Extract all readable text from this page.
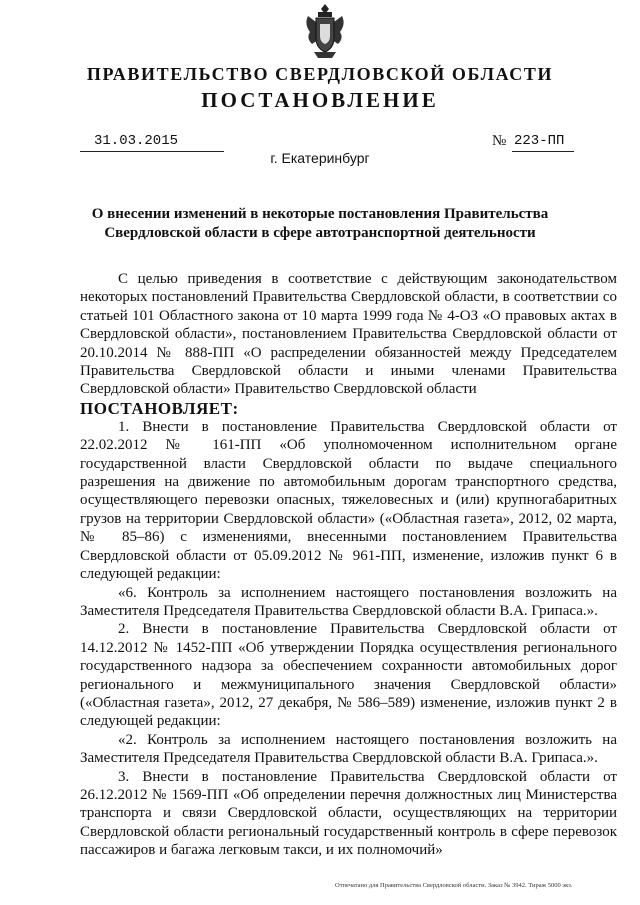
ПРАВИТЕЛЬСТВО СВЕРДЛОВСКОЙ ОБЛАСТИ
ПОСТАНОВЛЕНИЕ
31.03.2015	№ 223-ПП
г. Екатеринбург
О внесении изменений в некоторые постановления Правительства
Свердловской области в сфере автотранспортной деятельности

С целью приведения в соответствие с действующим законодательством некоторых постановлений Правительства Свердловской области, в соответствии со статьей 101 Областного закона от 10 марта 1999 года № 4-ОЗ «О правовых актах в Свердловской области», постановлением Правительства Свердловской области от 20.10.2014 № 888-ПП «О распределении обязанностей между Председателем Правительства Свердловской области и иными членами Правительства Свердловской области» Правительство Свердловской области

ПОСТАНОВЛЯЕТ:

1. Внести в постановление Правительства Свердловской области от 22.02.2012 № 161-ПП «Об уполномоченном исполнительном органе государственной власти Свердловской области по выдаче специального разрешения на движение по автомобильным дорогам транспортного средства, осуществляющего перевозки опасных, тяжеловесных и (или) крупногабаритных грузов на территории Свердловской области» («Областная газета», 2012, 02 марта, № 85–86) с изменениями, внесенными постановлением Правительства Свердловской области от 05.09.2012 № 961-ПП, изменение, изложив пункт 6 в следующей редакции:

«6. Контроль за исполнением настоящего постановления возложить на Заместителя Председателя Правительства Свердловской области В.А. Грипаса.».

2. Внести в постановление Правительства Свердловской области от 14.12.2012 № 1452-ПП «Об утверждении Порядка осуществления регионального государственного надзора за обеспечением сохранности автомобильных дорог регионального и межмуниципального значения Свердловской области» («Областная газета», 2012, 27 декабря, № 586–589) изменение, изложив пункт 2 в следующей редакции:

«2. Контроль за исполнением настоящего постановления возложить на Заместителя Председателя Правительства Свердловской области В.А. Грипаса.».

3. Внести в постановление Правительства Свердловской области от 26.12.2012 № 1569-ПП «Об определении перечня должностных лиц Министерства транспорта и связи Свердловской области, осуществляющих на территории Свердловской области региональный государственный контроль в сфере перевозок пассажиров и багажа легковым такси, и их полномочий»

Отпечатано для Правительства Свердловской области. Заказ № 3942. Тираж 5000 экз.
